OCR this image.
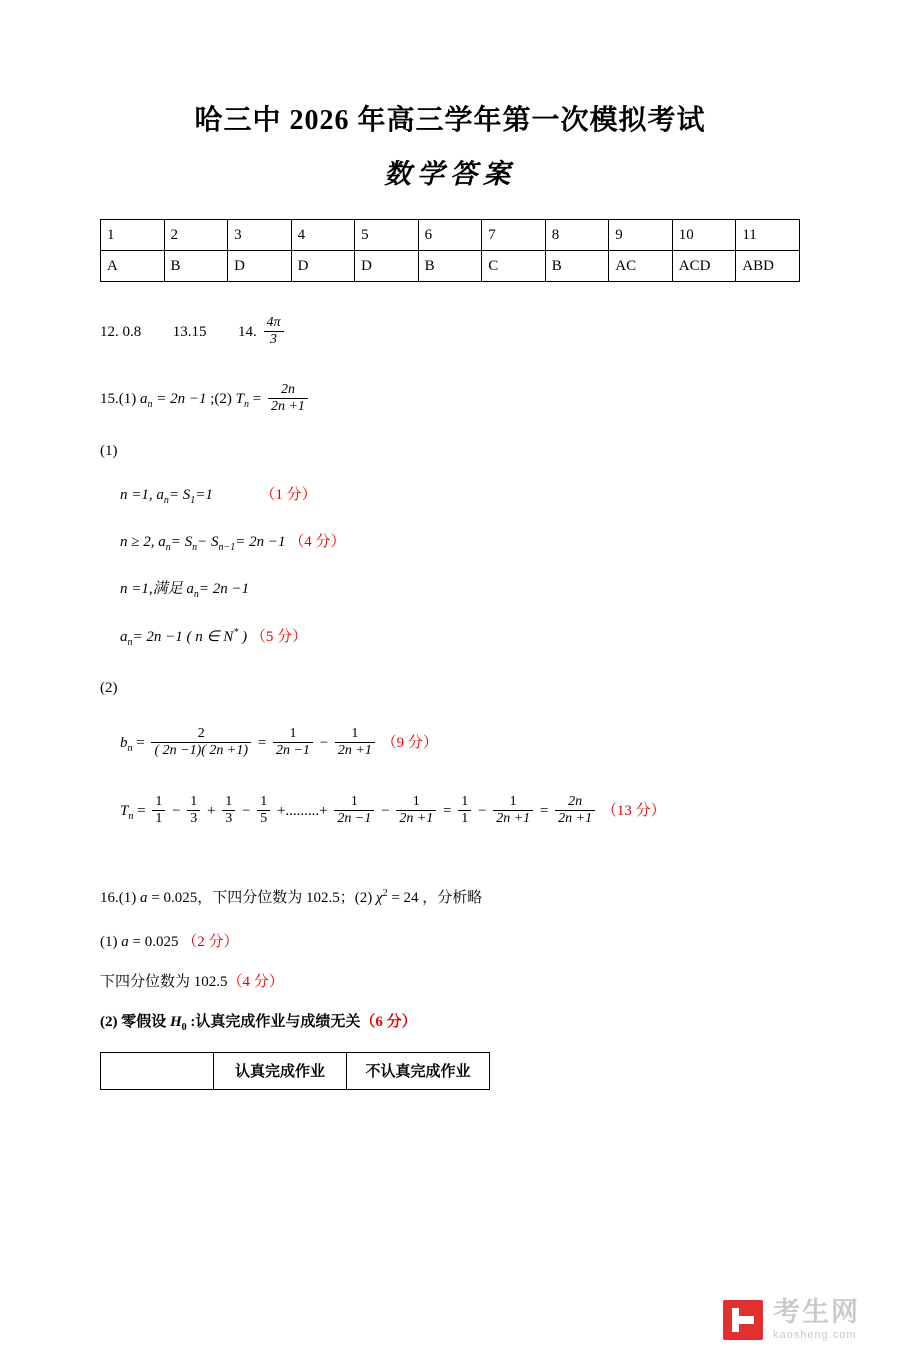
哈三中 2026 年高三学年第一次模拟考试
数学答案
1	2	3	4	5	6	7	8	9	10	11
A	B	D	D	D	B	C	B	AC	ACD	ABD
12. 0.8 13.15 14. $\frac{4\pi}{3}$
15.(1) $a_n = 2n -1$ ;(2) $T_n = \frac{2n}{2n +1}$
(1)
n =1, $a_n= S_1=1$	（1 分）
n ≥ 2, $a_n= S_n- S_{n-1}= 2n -1$ （4 分）
n =1,满足 $a_n= 2n -1$
$a_n= 2n -1$ ( n ∈ N* ) （5 分）
(2)
$b_n = \frac{2}{( 2n -1)( 2n +1)} = \frac{1}{2n -1} - \frac{1}{2n +1} (9$ 分）
$T_n = \frac{1}{1} - \frac{1}{3} + \frac{1}{3} - \frac{1}{5}$ +.........+ $\frac{1}{2n -1} - \frac{1}{2n +1} = \frac{1}{1} - \frac{1}{2n +1} = \frac{2n}{2n +1} (13$ 分）
16.(1) a = 0.025，下四分位数为 102.5；(2) $\chi^2 = 24$ ，分析略
(1) a = 0.025 （2 分）
下四分位数为 102.5（4 分）
(2) 零假设 $H_0$ :认真完成作业与成绩无关（6 分）
	认真完成作业	不认真完成作业
考生网
kaosheng.com
